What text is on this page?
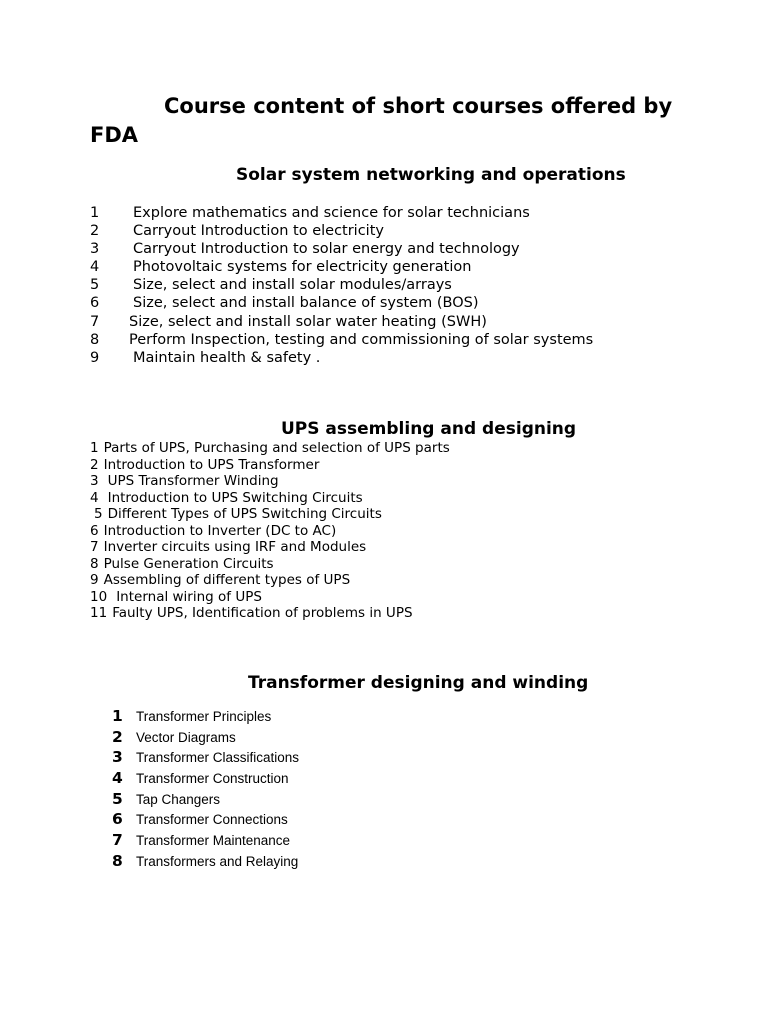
Course content of short courses offered by FDA
Solar system networking and operations
1	Explore mathematics and science for solar technicians
2	Carryout Introduction to electricity
3	Carryout Introduction to solar energy and technology
4	Photovoltaic systems for electricity generation
5	Size, select and install solar modules/arrays
6	Size, select and install balance of system (BOS)
7	Size, select and install solar water heating (SWH)
8	Perform Inspection, testing and commissioning of solar systems
9	Maintain health & safety .
UPS assembling and designing
1 Parts of UPS, Purchasing and selection of UPS parts
2 Introduction to UPS Transformer
3 UPS Transformer Winding
4 Introduction to UPS Switching Circuits
5 Different Types of UPS Switching Circuits
6 Introduction to Inverter (DC to AC)
7 Inverter circuits using IRF and Modules
8 Pulse Generation Circuits
9 Assembling of different types of UPS
10 Internal wiring of UPS
11 Faulty UPS, Identification of problems in UPS
Transformer designing and winding
1 Transformer Principles
2 Vector Diagrams
3 Transformer Classifications
4 Transformer Construction
5 Tap Changers
6 Transformer Connections
7 Transformer Maintenance
8 Transformers and Relaying
